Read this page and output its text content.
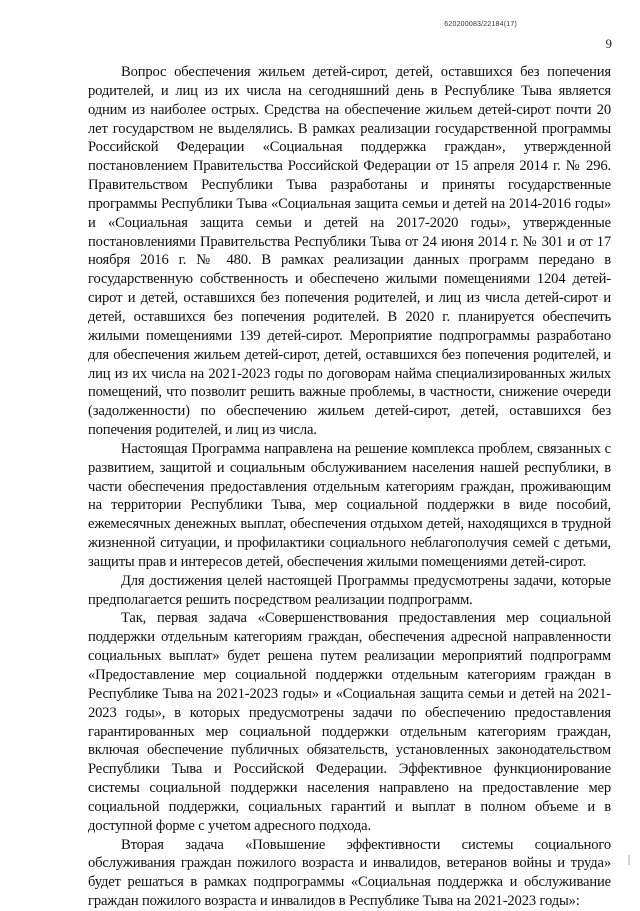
620200083/22184(17)
9

Вопрос обеспечения жильем детей-сирот, детей, оставшихся без попечения родителей, и лиц из их числа на сегодняшний день в Республике Тыва является одним из наиболее острых. Средства на обеспечение жильем детей-сирот почти 20 лет государством не выделялись. В рамках реализации государственной программы Российской Федерации «Социальная поддержка граждан», утвержденной постановлением Правительства Российской Федерации от 15 апреля 2014 г. № 296. Правительством Республики Тыва разработаны и приняты государственные программы Республики Тыва «Социальная защита семьи и детей на 2014-2016 годы» и «Социальная защита семьи и детей на 2017-2020 годы», утвержденные постановлениями Правительства Республики Тыва от 24 июня 2014 г. № 301 и от 17 ноября 2016 г. № 480. В рамках реализации данных программ передано в государственную собственность и обеспечено жилыми помещениями 1204 детей-сирот и детей, оставшихся без попечения родителей, и лиц из числа детей-сирот и детей, оставшихся без попечения родителей. В 2020 г. планируется обеспечить жилыми помещениями 139 детей-сирот. Мероприятие подпрограммы разработано для обеспечения жильем детей-сирот, детей, оставшихся без попечения родителей, и лиц из их числа на 2021-2023 годы по договорам найма специализированных жилых помещений, что позволит решить важные проблемы, в частности, снижение очереди (задолженности) по обеспечению жильем детей-сирот, детей, оставшихся без попечения родителей, и лиц из числа.

Настоящая Программа направлена на решение комплекса проблем, связанных с развитием, защитой и социальным обслуживанием населения нашей республики, в части обеспечения предоставления отдельным категориям граждан, проживающим на территории Республики Тыва, мер социальной поддержки в виде пособий, ежемесячных денежных выплат, обеспечения отдыхом детей, находящихся в трудной жизненной ситуации, и профилактики социального неблагополучия семей с детьми, защиты прав и интересов детей, обеспечения жилыми помещениями детей-сирот.

Для достижения целей настоящей Программы предусмотрены задачи, которые предполагается решить посредством реализации подпрограмм.

Так, первая задача «Совершенствования предоставления мер социальной поддержки отдельным категориям граждан, обеспечения адресной направленности социальных выплат» будет решена путем реализации мероприятий подпрограмм «Предоставление мер социальной поддержки отдельным категориям граждан в Республике Тыва на 2021-2023 годы» и «Социальная защита семьи и детей на 2021-2023 годы», в которых предусмотрены задачи по обеспечению предоставления гарантированных мер социальной поддержки отдельным категориям граждан, включая обеспечение публичных обязательств, установленных законодательством Республики Тыва и Российской Федерации. Эффективное функционирование системы социальной поддержки населения направлено на предоставление мер социальной поддержки, социальных гарантий и выплат в полном объеме и в доступной форме с учетом адресного подхода.

Вторая задача «Повышение эффективности системы социального обслуживания граждан пожилого возраста и инвалидов, ветеранов войны и труда» будет решаться в рамках подпрограммы «Социальная поддержка и обслуживание граждан пожилого возраста и инвалидов в Республике Тыва на 2021-2023 годы»:
